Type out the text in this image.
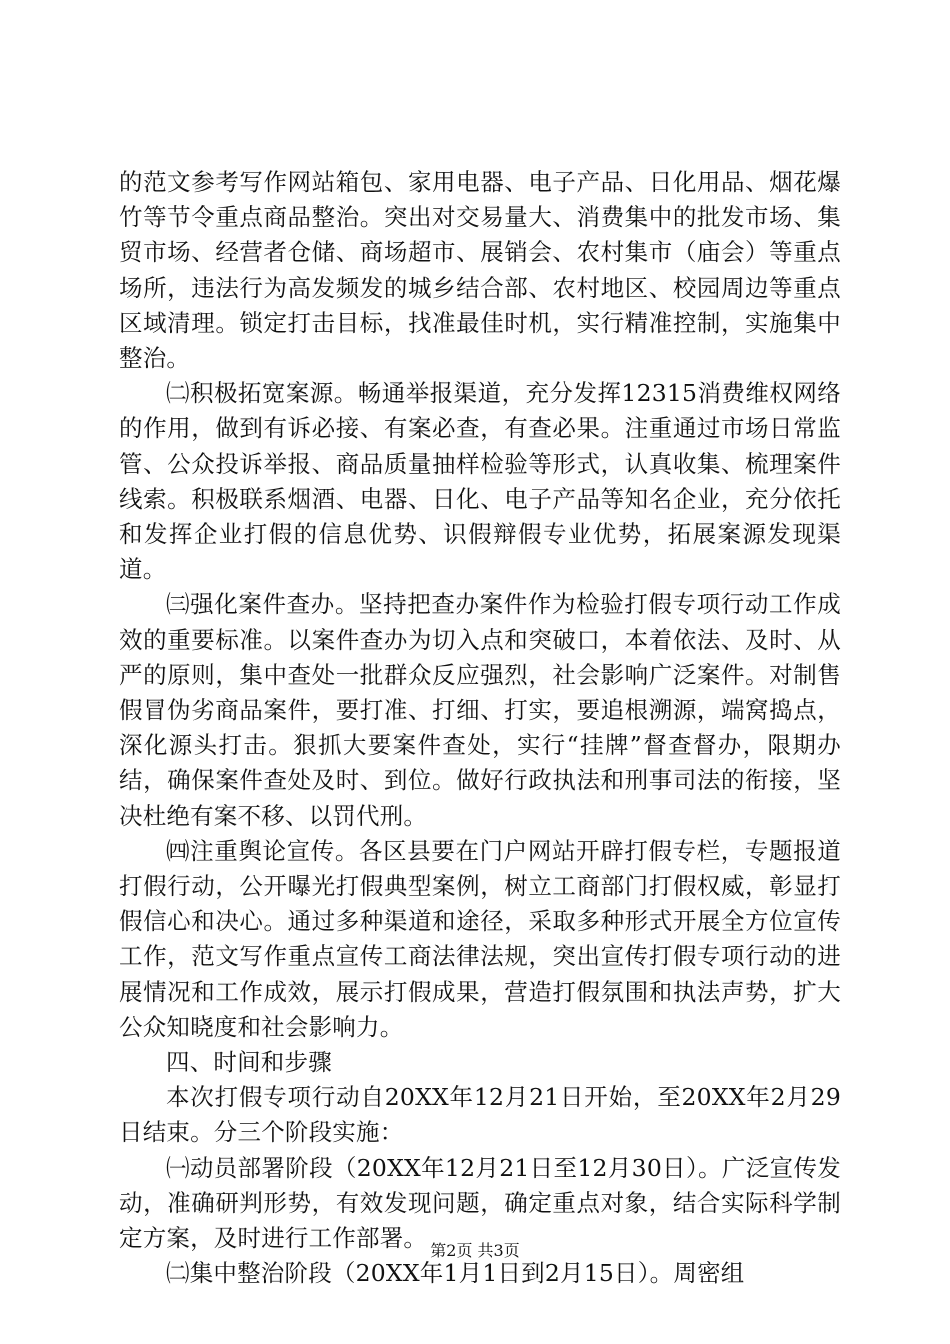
的范文参考写作网站箱包、家用电器、电子产品、日化用品、烟花爆竹等节令重点商品整治。突出对交易量大、消费集中的批发市场、集贸市场、经营者仓储、商场超市、展销会、农村集市（庙会）等重点场所，违法行为高发频发的城乡结合部、农村地区、校园周边等重点区域清理。锁定打击目标，找准最佳时机，实行精准控制，实施集中整治。

㈡积极拓宽案源。畅通举报渠道，充分发挥12315消费维权网络的作用，做到有诉必接、有案必查，有查必果。注重通过市场日常监管、公众投诉举报、商品质量抽样检验等形式，认真收集、梳理案件线索。积极联系烟酒、电器、日化、电子产品等知名企业，充分依托和发挥企业打假的信息优势、识假辩假专业优势，拓展案源发现渠道。

㈢强化案件查办。坚持把查办案件作为检验打假专项行动工作成效的重要标准。以案件查办为切入点和突破口，本着依法、及时、从严的原则，集中查处一批群众反应强烈，社会影响广泛案件。对制售假冒伪劣商品案件，要打准、打细、打实，要追根溯源，端窝捣点，深化源头打击。狠抓大要案件查处，实行“挂牌”督查督办，限期办结，确保案件查处及时、到位。做好行政执法和刑事司法的衔接，坚决杜绝有案不移、以罚代刑。

㈣注重舆论宣传。各区县要在门户网站开辟打假专栏，专题报道打假行动，公开曝光打假典型案例，树立工商部门打假权威，彰显打假信心和决心。通过多种渠道和途径，采取多种形式开展全方位宣传工作，范文写作重点宣传工商法律法规，突出宣传打假专项行动的进展情况和工作成效，展示打假成果，营造打假氛围和执法声势，扩大公众知晓度和社会影响力。

四、时间和步骤

本次打假专项行动自20XX年12月21日开始，至20XX年2月29日结束。分三个阶段实施：

㈠动员部署阶段（20XX年12月21日至12月30日）。广泛宣传发动，准确研判形势，有效发现问题，确定重点对象，结合实际科学制定方案，及时进行工作部署。

㈡集中整治阶段（20XX年1月1日到2月15日）。周密组

第2页 共3页
